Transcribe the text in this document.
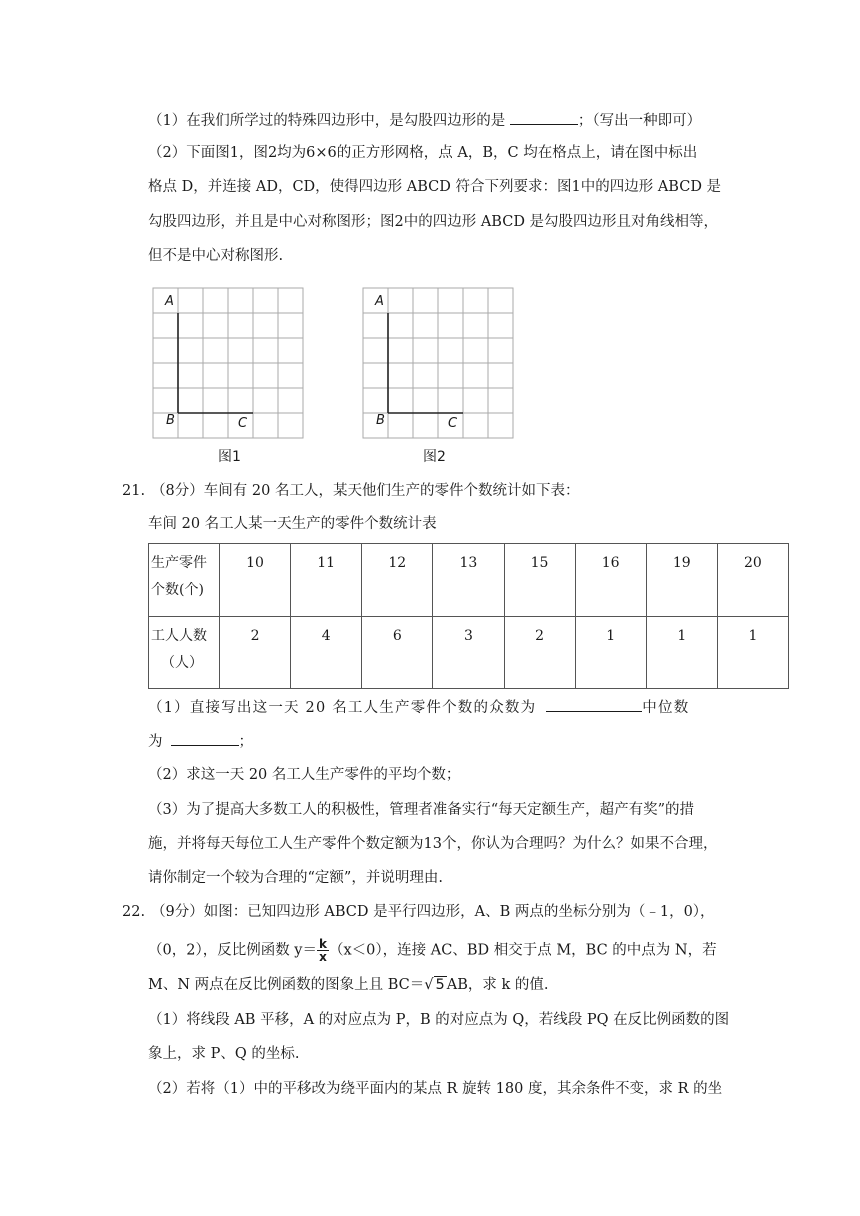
（1）在我们所学过的特殊四边形中，是勾股四边形的是	；（写出一种即可）
（2）下面图1，图2均为6×6的正方形网格，点 A，B，C 均在格点上，请在图中标出
格点 D，并连接 AD，CD，使得四边形 ABCD 符合下列要求：图1中的四边形 ABCD 是
勾股四边形，并且是中心对称图形；图2中的四边形 ABCD 是勾股四边形且对角线相等，
但不是中心对称图形.
A
B	C
图1
A
B	C
图2
21. （8分）车间有 20 名工人，某天他们生产的零件个数统计如下表：
车间 20 名工人某一天生产的零件个数统计表
生产零件
个数(个)	10	11	12	13	15	16	19	20
工人人数
（人）	2	4	6	3	2	1	1	1
（1）直接写出这一天 20 名工人生产零件个数的众数为	中位数
为	；
（2）求这一天 20 名工人生产零件的平均个数；
（3）为了提高大多数工人的积极性，管理者准备实行“每天定额生产，超产有奖”的措
施，并将每天每位工人生产零件个数定额为13个，你认为合理吗？为什么？如果不合理，
请你制定一个较为合理的“定额”，并说明理由.
22. （9分）如图：已知四边形 ABCD 是平行四边形，A、B 两点的坐标分别为（﹣1，0），
（0，2），反比例函数 $y= \frac{k}{x} (x<0)$，连接 AC、BD 相交于点 M，BC 的中点为 N，若
M、N 两点在反比例函数的图象上且 BC＝√ 5 AB，求 k 的值.
（1）将线段 AB 平移，A 的对应点为 P，B 的对应点为 Q，若线段 PQ 在反比例函数的图
象上，求 P、Q 的坐标.
（2）若将（1）中的平移改为绕平面内的某点 R 旋转 180 度，其余条件不变，求 R 的坐
